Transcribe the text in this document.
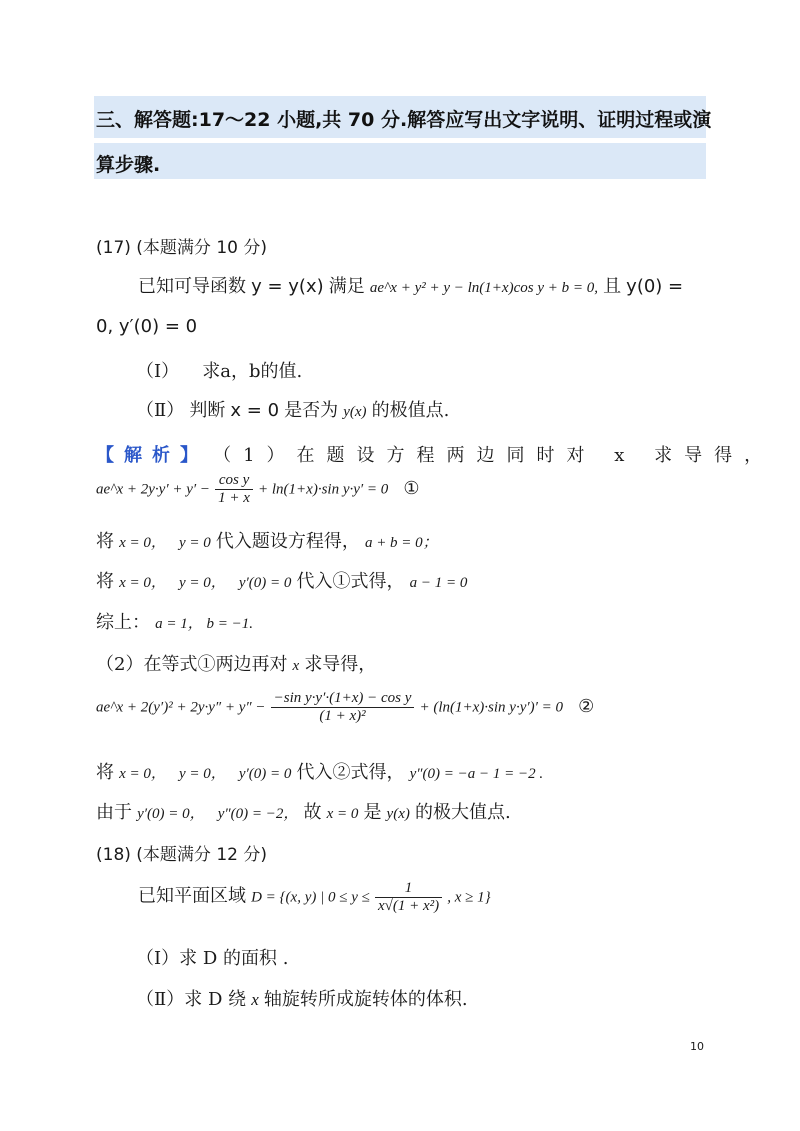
三、解答题:17～22 小题,共 70 分.解答应写出文字说明、证明过程或演
算步骤.
(17) (本题满分 10 分)
已知可导函数 y = y(x) 满足 ae^x + y² + y − ln(1+x)cos y + b = 0, 且 y(0) =
0, y′(0) = 0
（Ⅰ） 求a，b的值.
（Ⅱ） 判断 x = 0 是否为 y(x) 的极值点.
【解析】 （1）在题设方程两边同时对 x 求导得，
ae^x + $2y\cdot y' + y' - \frac{\text{cos y}}{1 + x} + \ln(1+x)\cdot\sin$ y·y′ = 0 ①
将 x = 0， y = 0 代入题设方程得， a + b = 0；
将 x = 0， y = 0， y′(0) = 0 代入①式得， a − 1 = 0
综上： a = 1， b = −1.
（2）在等式①两边再对 x 求导得，
ae^x + $2(y')^2 + 2y\cdot y'' + y'' - \frac{\text{−sin y·y′·(1+x) − cos y}}{\text{(1 + x)²}} + (\ln(1+x)\cdot\sin$ y·y′)′ = 0 ②
将 x = 0， y = 0， y′(0) = 0 代入②式得， y″(0) = −a − 1 = −2 .
由于 y′(0) = 0， y″(0) = −2， 故 x = 0 是 y(x) 的极大值点.
(18) (本题满分 12 分)
已知平面区域 D = {(x, y) | $0 \le y \le \frac{1}{\text{x√(1 + x²)}}$ , x ≥ 1}
（Ⅰ）求 D 的面积 .
（Ⅱ）求 D 绕 x 轴旋转所成旋转体的体积.
10
